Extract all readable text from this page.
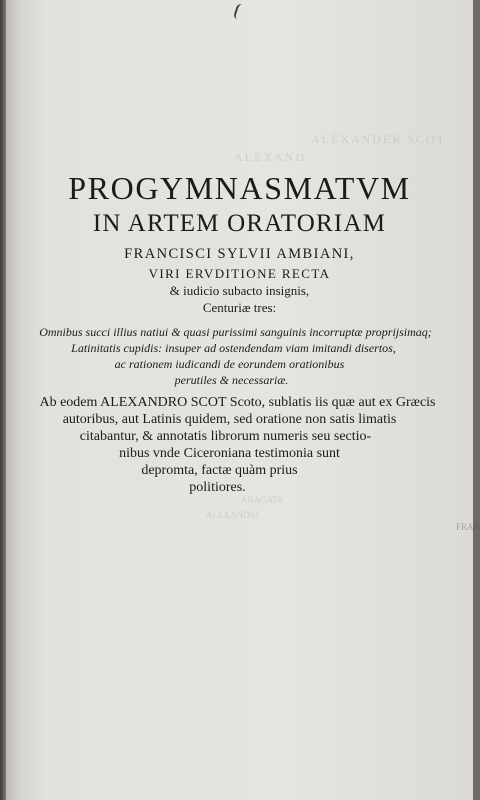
ALEXANDER SCOT
ALEXAND
PROGYMNASMATVM
IN ARTEM ORATORIAM
FRANCISCI SYLVII AMBIANI,
VIRI ERVDITIONE RECTA
& iudicio subacto insignis,
Centuriæ tres:
Omnibus succi illius natiui & quasi purissimi sanguinis incorruptæ proprijsimaq;
Latinitatis cupidis: insuper ad ostendendam viam imitandi disertos,
ac rationem iudicandi de eorundem orationibus
perutiles & necessariæ.
Ab eodem ALEXANDRO SCOT Scoto, sublatis iis quæ aut ex Græcis
autoribus, aut Latinis quidem, sed oratione non satis limatis
citabantur, & annotatis librorum numeris seu sectio-
nibus vnde Ciceroniana testimonia sunt
depromta, factæ quàm prius
politiores.
ALEXANDRI
ARAGATA
FRAN
